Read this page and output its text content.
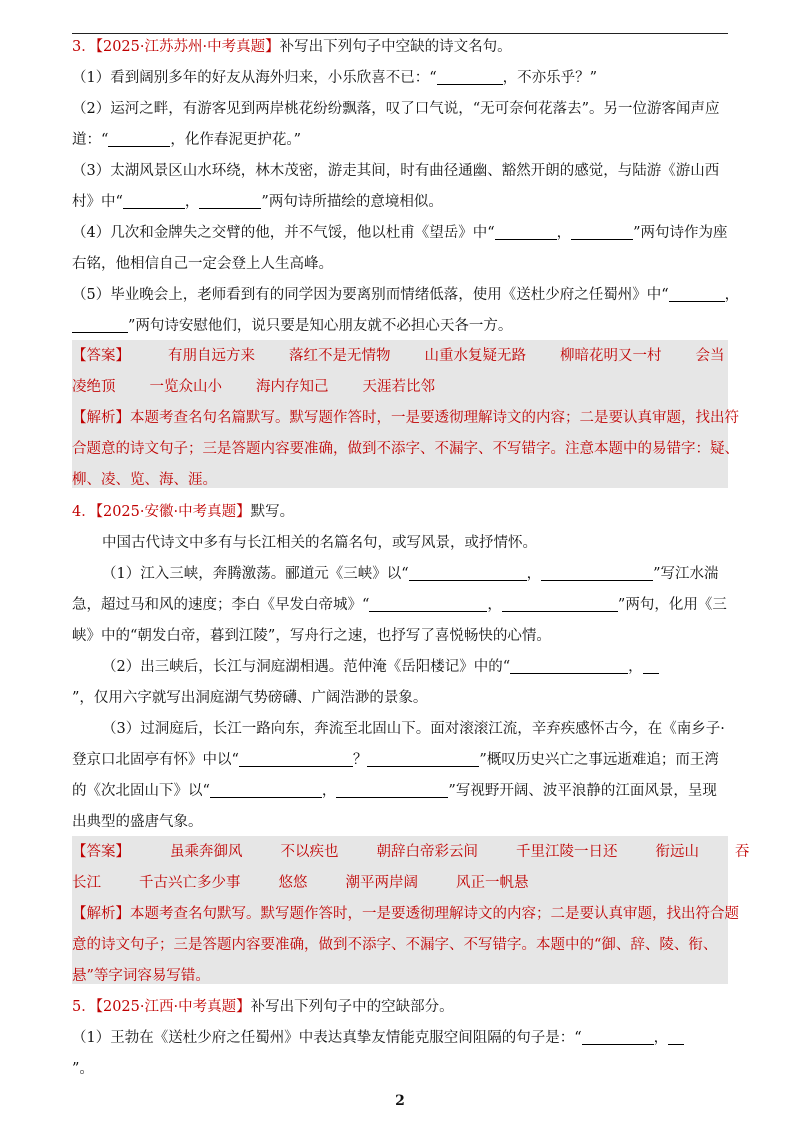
3．【2025·江苏苏州·中考真题】补写出下列句子中空缺的诗文名句。
（1）看到阔别多年的好友从海外归来，小乐欣喜不已：“	，不亦乐乎？”
（2）运河之畔，有游客见到两岸桃花纷纷飘落，叹了口气说，“无可奈何花落去”。另一位游客闻声应
道：“	，化作春泥更护花。”
（3）太湖风景区山水环绕，林木茂密，游走其间，时有曲径通幽、豁然开朗的感觉，与陆游《游山西
村》中“	，	”两句诗所描绘的意境相似。
（4）几次和金牌失之交臂的他，并不气馁，他以杜甫《望岳》中“	，	”两句诗作为座
右铭，他相信自己一定会登上人生高峰。
（5）毕业晚会上，老师看到有的同学因为要离别而情绪低落，使用《送杜少府之任蜀州》中“	，
”两句诗安慰他们，说只要是知心朋友就不必担心天各一方。
【答案】	有朋自远方来 落红不是无情物 山重水复疑无路 柳暗花明又一村 会当
凌绝顶 一览众山小 海内存知己 天涯若比邻
【解析】本题考查名句名篇默写。默写题作答时，一是要透彻理解诗文的内容；二是要认真审题，找出符
合题意的诗文句子；三是答题内容要准确，做到不添字、不漏字、不写错字。注意本题中的易错字：疑、
柳、凌、览、海、涯。
4．【2025·安徽·中考真题】默写。
中国古代诗文中多有与长江相关的名篇名句，或写风景，或抒情怀。
（1）江入三峡，奔腾激荡。郦道元《三峡》以“	，	”写江水湍
急，超过马和风的速度；李白《早发白帝城》“	，	”两句，化用《三
峡》中的“朝发白帝，暮到江陵”，写舟行之速，也抒写了喜悦畅快的心情。
（2）出三峡后，长江与洞庭湖相遇。范仲淹《岳阳楼记》中的“	，
”，仅用六字就写出洞庭湖气势磅礴、广阔浩渺的景象。
（3）过洞庭后，长江一路向东，奔流至北固山下。面对滚滚江流，辛弃疾感怀古今，在《南乡子·
登京口北固亭有怀》中以“	？	”概叹历史兴亡之事远逝难追；而王湾
的《次北固山下》以“	，	”写视野开阔、波平浪静的江面风景，呈现
出典型的盛唐气象。
【答案】	虽乘奔御风	不以疾也	朝辞白帝彩云间	千里江陵一日还	衔远山 吞
长江	千古兴亡多少事	悠悠	潮平两岸阔	风正一帆悬
【解析】本题考查名句默写。默写题作答时，一是要透彻理解诗文的内容；二是要认真审题，找出符合题
意的诗文句子；三是答题内容要准确，做到不添字、不漏字、不写错字。本题中的“御、辞、陵、衔、
悬”等字词容易写错。
5．【2025·江西·中考真题】补写出下列句子中的空缺部分。
（1）王勃在《送杜少府之任蜀州》中表达真挚友情能克服空间阻隔的句子是：“	，
”。
2
